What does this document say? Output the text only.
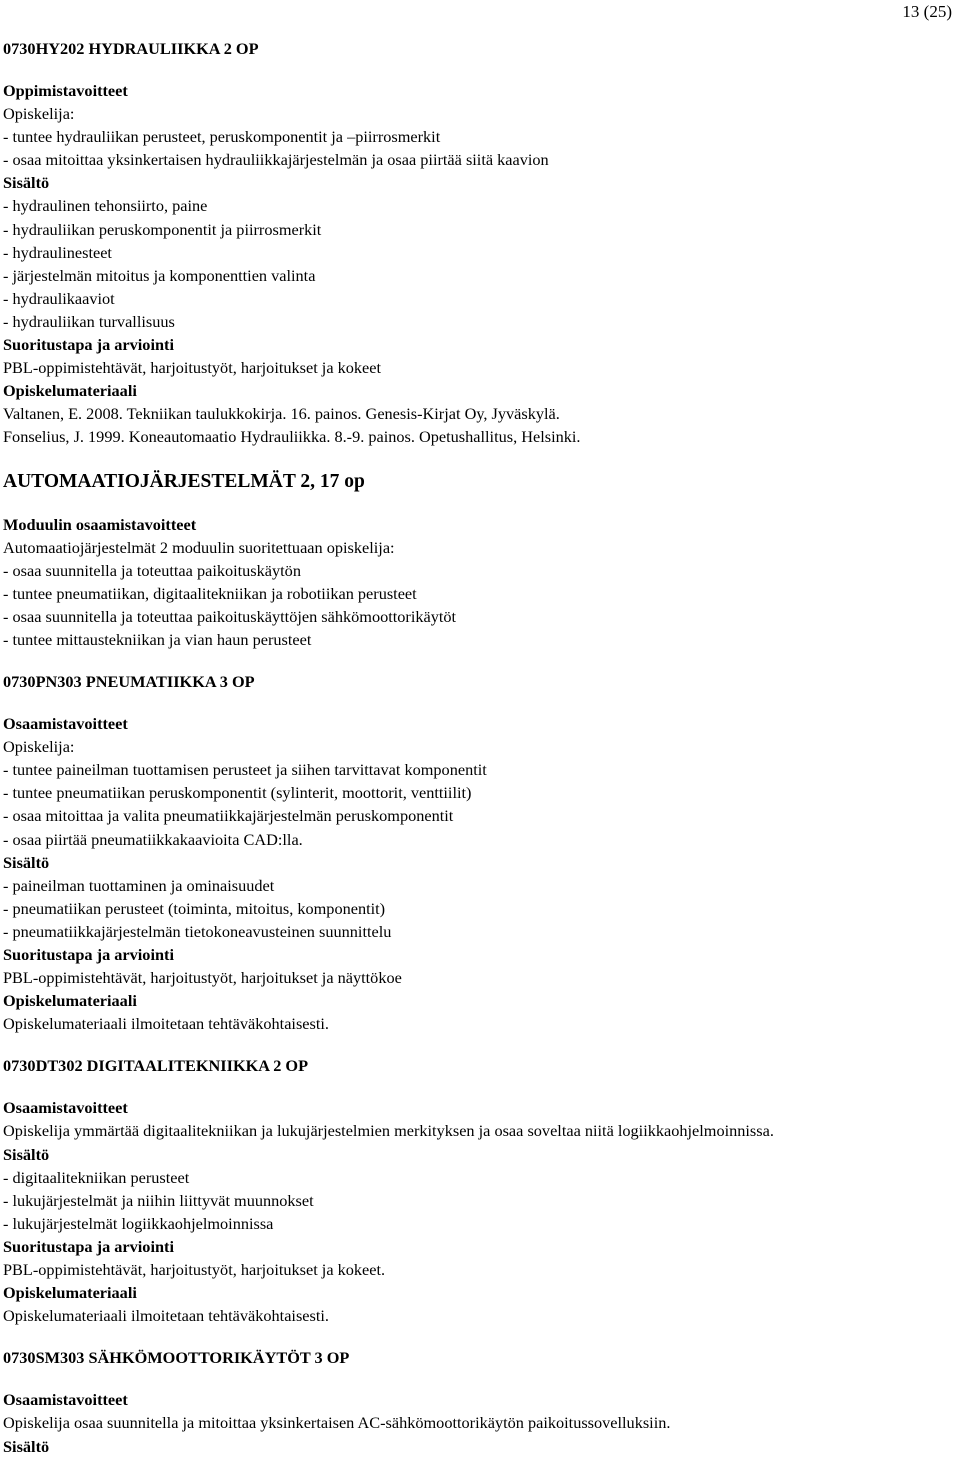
13 (25)
0730HY202 HYDRAULIIKKA 2 OP
Oppimistavoitteet
Opiskelija:
- tuntee hydrauliikan perusteet, peruskomponentit ja –piirrosmerkit
- osaa mitoittaa yksinkertaisen hydrauliikkajärjestelmän ja osaa piirtää siitä kaavion
Sisältö
- hydraulinen tehonsiirto, paine
- hydrauliikan peruskomponentit ja piirrosmerkit
- hydraulinesteet
- järjestelmän mitoitus ja komponenttien valinta
- hydraulikaaviot
- hydrauliikan turvallisuus
Suoritustapa ja arviointi
PBL-oppimistehtävät, harjoitustyöt, harjoitukset ja kokeet
Opiskelumateriaali
Valtanen, E. 2008. Tekniikan taulukkokirja. 16. painos. Genesis-Kirjat Oy, Jyväskylä.
Fonselius, J. 1999. Koneautomaatio Hydrauliikka. 8.-9. painos. Opetushallitus, Helsinki.
AUTOMAATIOJÄRJESTELMÄT 2, 17 op
Moduulin osaamistavoitteet
Automaatiojärjestelmät 2 moduulin suoritettuaan opiskelija:
- osaa suunnitella ja toteuttaa paikoituskäytön
- tuntee pneumatiikan, digitaalitekniikan ja robotiikan perusteet
- osaa suunnitella ja toteuttaa paikoituskäyttöjen sähkömoottorikäytöt
- tuntee mittaustekniikan ja vian haun perusteet
0730PN303 PNEUMATIIKKA 3 OP
Osaamistavoitteet
Opiskelija:
- tuntee paineilman tuottamisen perusteet ja siihen tarvittavat komponentit
- tuntee pneumatiikan peruskomponentit (sylinterit, moottorit, venttiilit)
- osaa mitoittaa ja valita pneumatiikkajärjestelmän peruskomponentit
- osaa piirtää pneumatiikkakaavioita CAD:lla.
Sisältö
- paineilman tuottaminen ja ominaisuudet
- pneumatiikan perusteet (toiminta, mitoitus, komponentit)
- pneumatiikkajärjestelmän tietokoneavusteinen suunnittelu
Suoritustapa ja arviointi
PBL-oppimistehtävät, harjoitustyöt, harjoitukset ja näyttökoe
Opiskelumateriaali
Opiskelumateriaali ilmoitetaan tehtäväkohtaisesti.
0730DT302 DIGITAALITEKNIIKKA 2 OP
Osaamistavoitteet
Opiskelija ymmärtää digitaalitekniikan ja lukujärjestelmien merkityksen ja osaa soveltaa niitä logiikkaohjelmoinnissa.
Sisältö
- digitaalitekniikan perusteet
- lukujärjestelmät ja niihin liittyvät muunnokset
- lukujärjestelmät logiikkaohjelmoinnissa
Suoritustapa ja arviointi
PBL-oppimistehtävät, harjoitustyöt, harjoitukset ja kokeet.
Opiskelumateriaali
Opiskelumateriaali ilmoitetaan tehtäväkohtaisesti.
0730SM303 SÄHKÖMOOTTORIKÄYTÖT 3 OP
Osaamistavoitteet
Opiskelija osaa suunnitella ja mitoittaa yksinkertaisen AC-sähkömoottorikäytön paikoitussovelluksiin.
Sisältö
